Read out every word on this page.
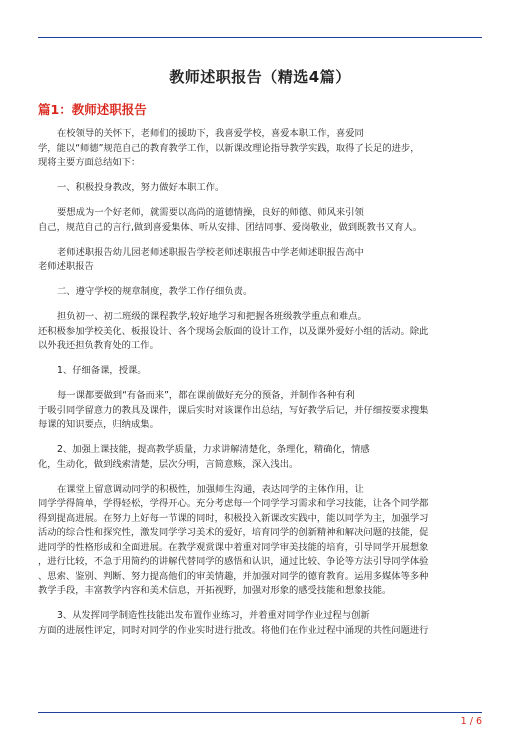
教师述职报告（精选4篇）
篇1：教师述职报告
在校领导的关怀下，老师们的援助下，我喜爱学校，喜爱本职工作，喜爱同
学，能以“师德”规范自己的教育教学工作，以新课改理论指导教学实践，取得了长足的进步，
现将主要方面总结如下：
一、积极投身教改，努力做好本职工作。
要想成为一个好老师，就需要以高尚的道德情操，良好的师德、师风来引领
自己，规范自己的言行,做到喜爱集体、听从安排、团结同事、爱岗敬业，做到既教书又育人。
老师述职报告幼儿园老师述职报告学校老师述职报告中学老师述职报告高中
老师述职报告
二、遵守学校的规章制度，教学工作仔细负责。
担负初一、初二班级的课程教学,较好地学习和把握各班级教学重点和难点。
还积极参加学校美化、板报设计、各个现场会版面的设计工作，以及课外爱好小组的活动。除此
以外我还担负教育处的工作。
1、仔细备课，授课。
每一课都要做到“有备而来”，都在课前做好充分的预备，并制作各种有利
于吸引同学留意力的教具及课件，课后实时对该课作出总结，写好教学后记，并仔细按要求搜集
每课的知识要点，归纳成集。
2、加强上课技能，提高教学质量，力求讲解清楚化，条理化，精确化，情感
化，生动化，做到线索清楚，层次分明，言简意赅，深入浅出。
在课堂上留意调动同学的积极性，加强师生沟通，表达同学的主体作用，让
同学学得简单，学得轻松，学得开心。充分考虑每一个同学学习需求和学习技能，让各个同学都
得到提高进展。在努力上好每一节课的同时，积极投入新课改实践中，能以同学为主，加强学习
活动的综合性和探究性，激发同学学习美术的爱好，培育同学的创新精神和解决问题的技能，促
进同学的性格形成和全面进展。在教学观赏课中着重对同学审美技能的培育，引导同学开展想象
，进行比较，不急于用简约的讲解代替同学的感悟和认识，通过比较、争论等方法引导同学体验
、思索、鉴别、判断、努力提高他们的审美情趣，并加强对同学的德育教育。运用多媒体等多种
教学手段，丰富教学内容和美术信息，开拓视野，加强对形象的感受技能和想象技能。
3、从发挥同学制造性技能出发布置作业练习，并着重对同学作业过程与创新
方面的进展性评定，同时对同学的作业实时进行批改。将他们在作业过程中涌现的共性问题进行
1 / 6
